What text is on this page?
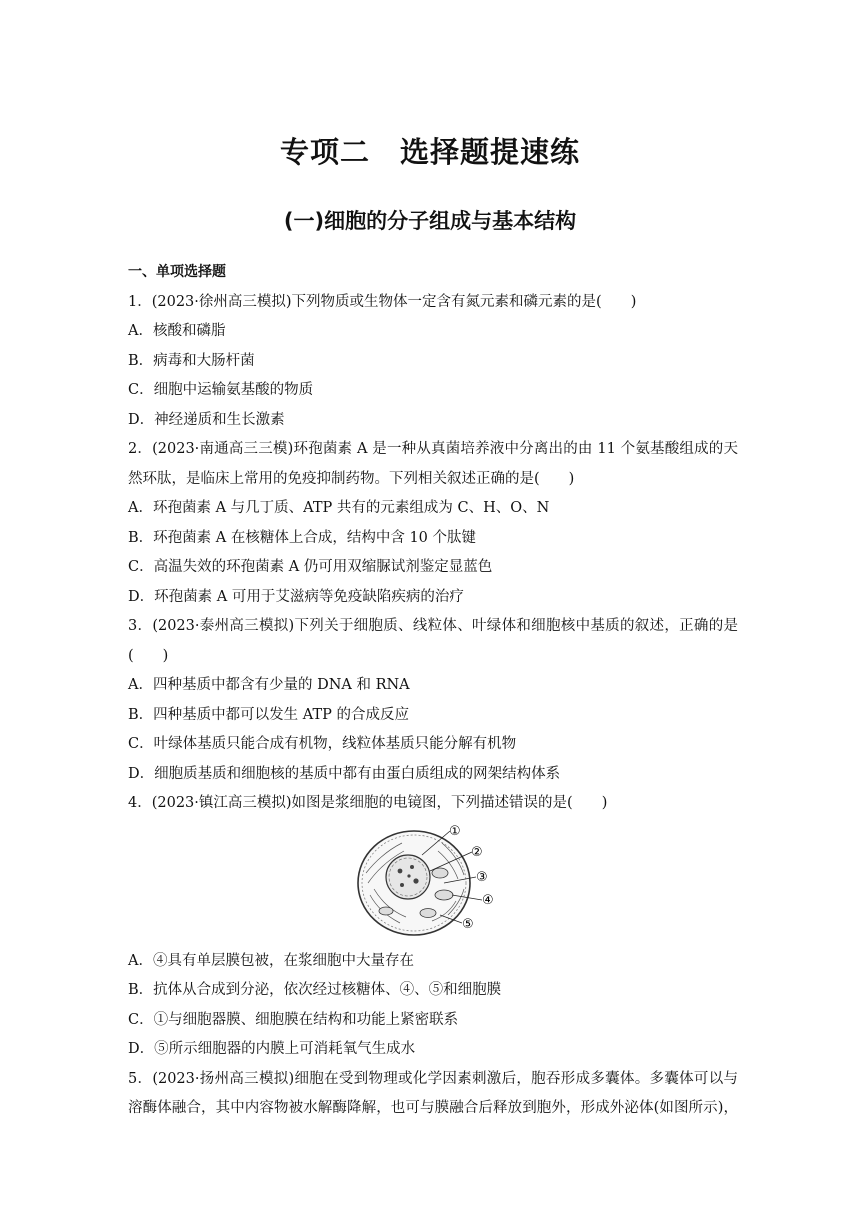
专项二　选择题提速练
(一)细胞的分子组成与基本结构
一、单项选择题
1．(2023·徐州高三模拟)下列物质或生物体一定含有氮元素和磷元素的是(　　)
A．核酸和磷脂
B．病毒和大肠杆菌
C．细胞中运输氨基酸的物质
D．神经递质和生长激素
2．(2023·南通高三三模)环孢菌素 A 是一种从真菌培养液中分离出的由 11 个氨基酸组成的天
然环肽，是临床上常用的免疫抑制药物。下列相关叙述正确的是(　　)
A．环孢菌素 A 与几丁质、ATP 共有的元素组成为 C、H、O、N
B．环孢菌素 A 在核糖体上合成，结构中含 10 个肽键
C．高温失效的环孢菌素 A 仍可用双缩脲试剂鉴定显蓝色
D．环孢菌素 A 可用于艾滋病等免疫缺陷疾病的治疗
3．(2023·泰州高三模拟)下列关于细胞质、线粒体、叶绿体和细胞核中基质的叙述，正确的是
(　　)
A．四种基质中都含有少量的 DNA 和 RNA
B．四种基质中都可以发生 ATP 的合成反应
C．叶绿体基质只能合成有机物，线粒体基质只能分解有机物
D．细胞质基质和细胞核的基质中都有由蛋白质组成的网架结构体系
4．(2023·镇江高三模拟)如图是浆细胞的电镜图，下列描述错误的是(　　)
①
②
③
④
⑤
A．④具有单层膜包被，在浆细胞中大量存在
B．抗体从合成到分泌，依次经过核糖体、④、⑤和细胞膜
C．①与细胞器膜、细胞膜在结构和功能上紧密联系
D．⑤所示细胞器的内膜上可消耗氧气生成水
5．(2023·扬州高三模拟)细胞在受到物理或化学因素刺激后，胞吞形成多囊体。多囊体可以与
溶酶体融合，其中内容物被水解酶降解，也可与膜融合后释放到胞外，形成外泌体(如图所示)，
